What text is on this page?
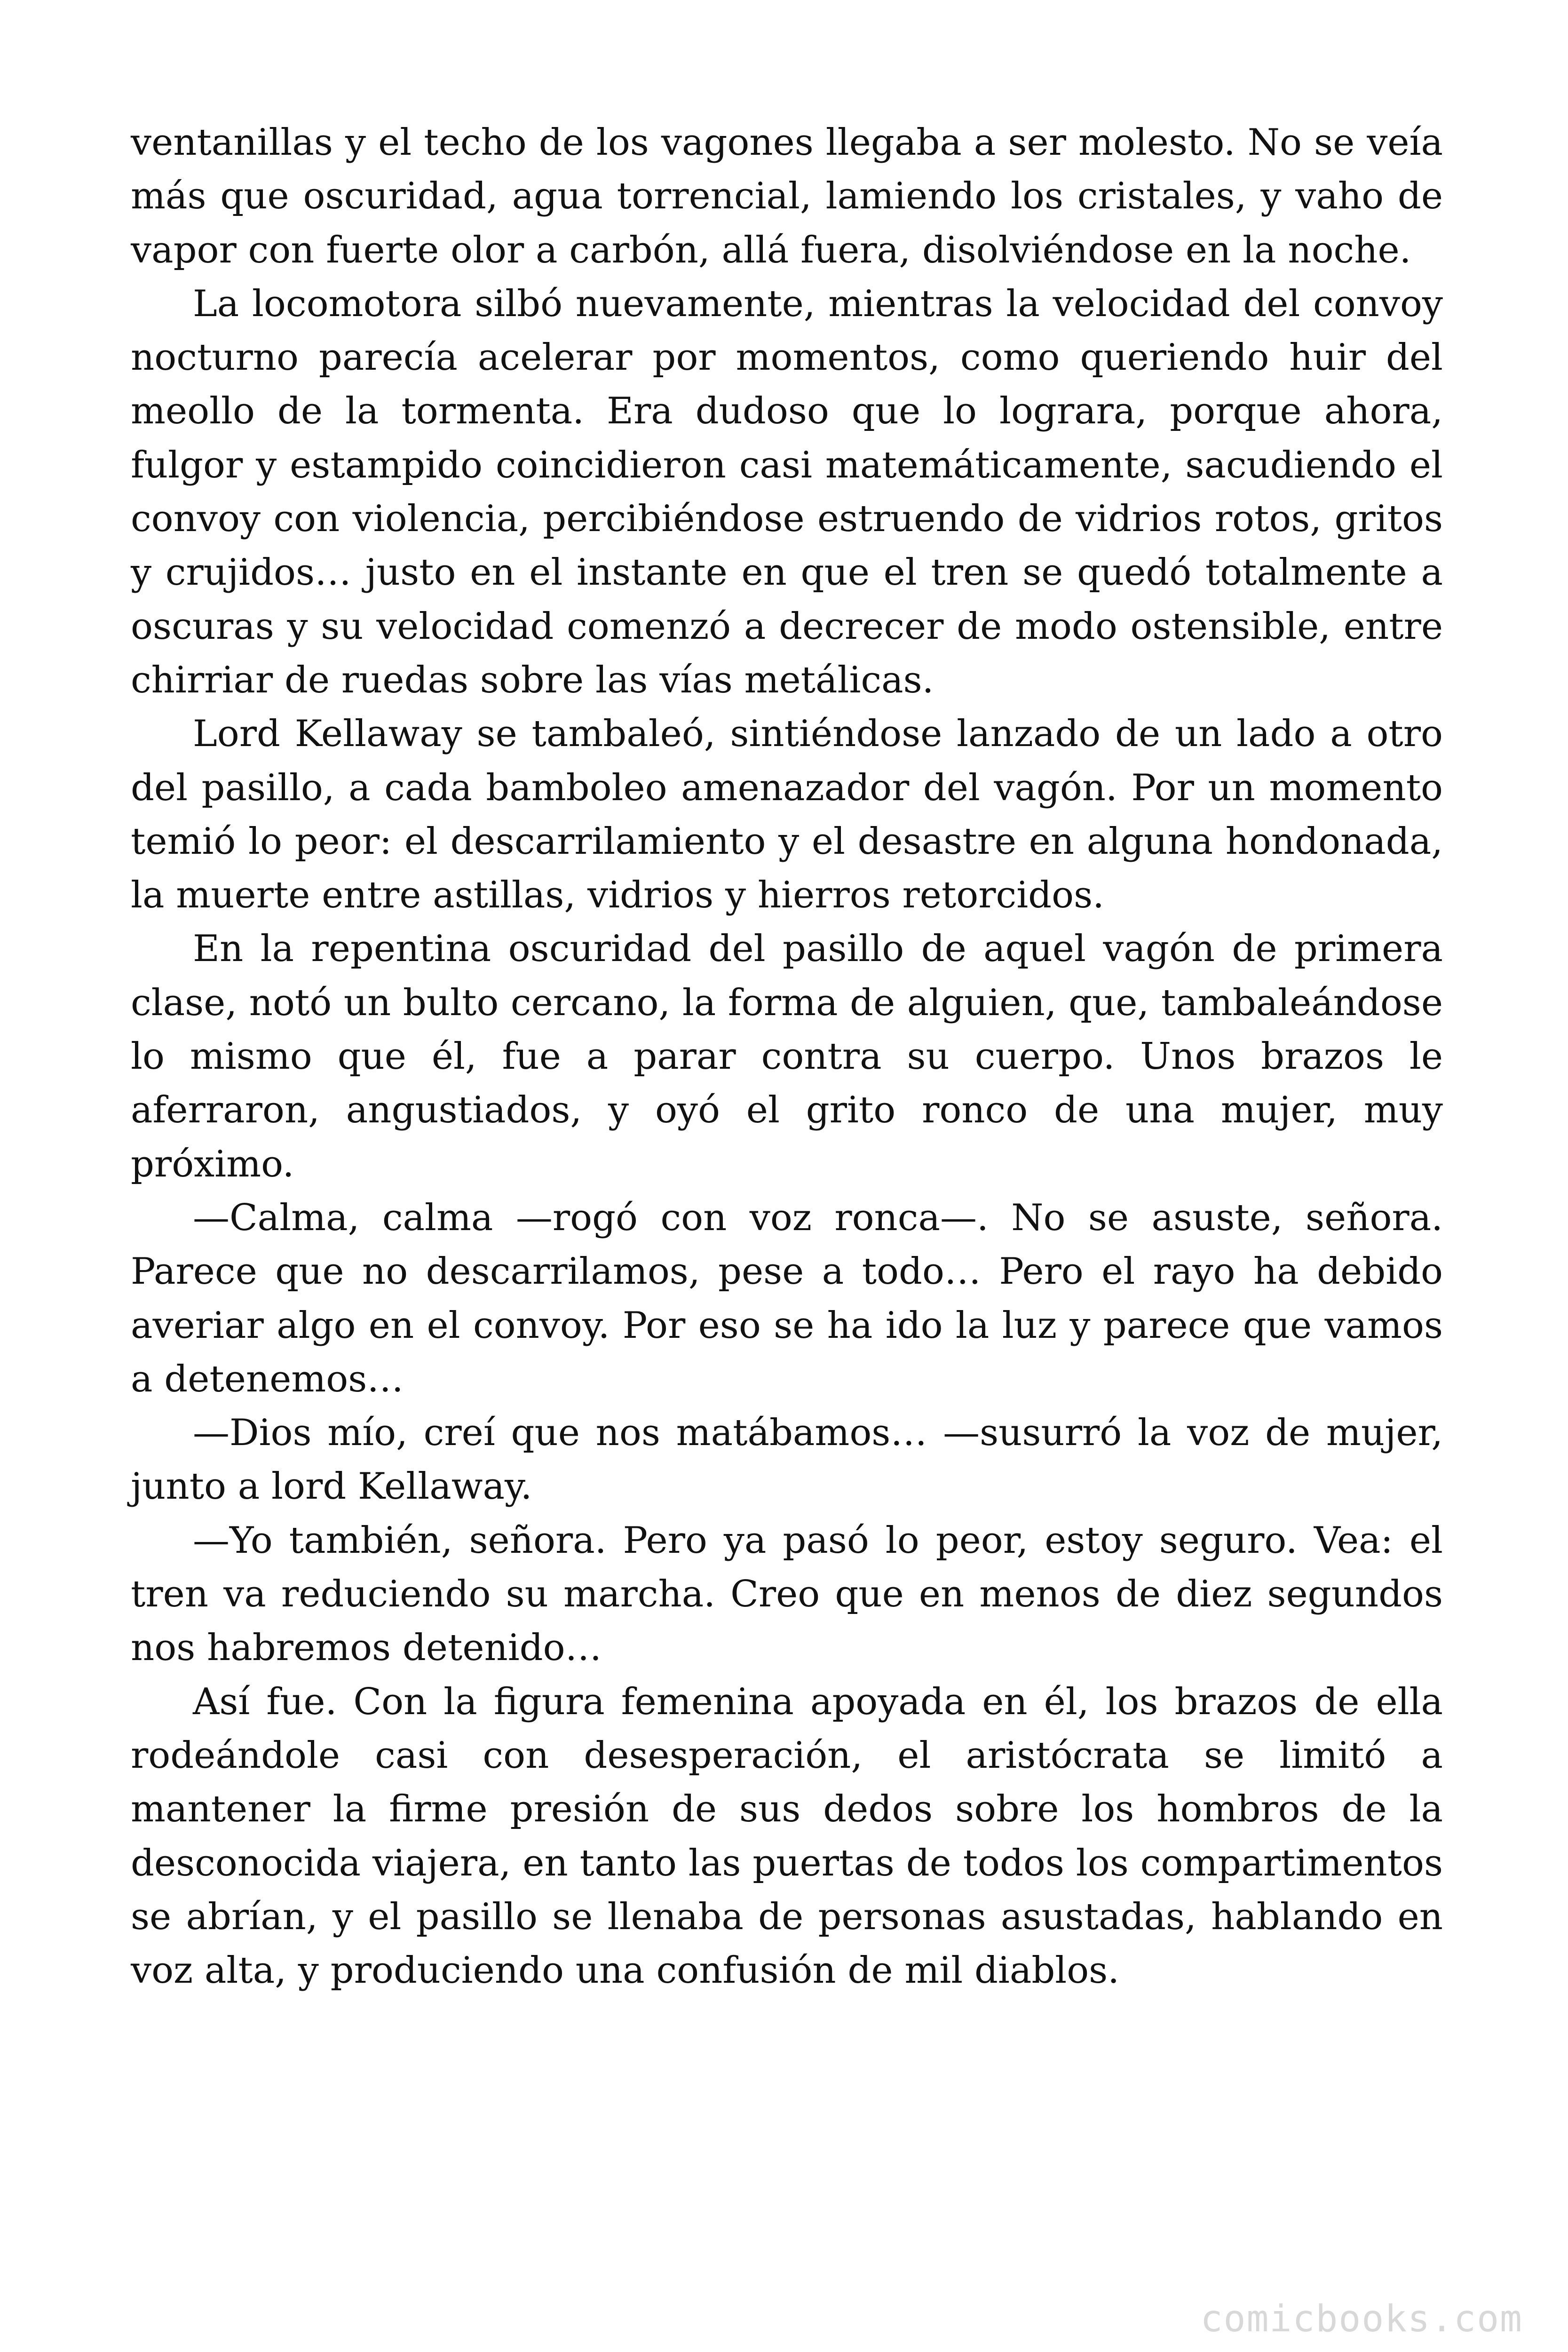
ventanillas y el techo de los vagones llegaba a ser molesto. No se veía más que oscuridad, agua torrencial, lamiendo los cristales, y vaho de vapor con fuerte olor a carbón, allá fuera, disolviéndose en la noche.

La locomotora silbó nuevamente, mientras la velocidad del convoy nocturno parecía acelerar por momentos, como queriendo huir del meollo de la tormenta. Era dudoso que lo lograra, porque ahora, fulgor y estampido coincidieron casi matemáticamente, sacudiendo el convoy con violencia, percibiéndose estruendo de vidrios rotos, gritos y crujidos… justo en el instante en que el tren se quedó totalmente a oscuras y su velocidad comenzó a decrecer de modo ostensible, entre chirriar de ruedas sobre las vías metálicas.

Lord Kellaway se tambaleó, sintiéndose lanzado de un lado a otro del pasillo, a cada bamboleo amenazador del vagón. Por un momento temió lo peor: el descarrilamiento y el desastre en alguna hondonada, la muerte entre astillas, vidrios y hierros retorcidos.

En la repentina oscuridad del pasillo de aquel vagón de primera clase, notó un bulto cercano, la forma de alguien, que, tambaleándose lo mismo que él, fue a parar contra su cuerpo. Unos brazos le aferraron, angustiados, y oyó el grito ronco de una mujer, muy próximo.

—Calma, calma —rogó con voz ronca—. No se asuste, señora. Parece que no descarrilamos, pese a todo… Pero el rayo ha debido averiar algo en el convoy. Por eso se ha ido la luz y parece que vamos a detenemos…

—Dios mío, creí que nos matábamos… —susurró la voz de mujer, junto a lord Kellaway.

—Yo también, señora. Pero ya pasó lo peor, estoy seguro. Vea: el tren va reduciendo su marcha. Creo que en menos de diez segundos nos habremos detenido…

Así fue. Con la figura femenina apoyada en él, los brazos de ella rodeándole casi con desesperación, el aristócrata se limitó a mantener la firme presión de sus dedos sobre los hombros de la desconocida viajera, en tanto las puertas de todos los compartimentos se abrían, y el pasillo se llenaba de personas asustadas, hablando en voz alta, y produciendo una confusión de mil diablos.

comicbooks.com
